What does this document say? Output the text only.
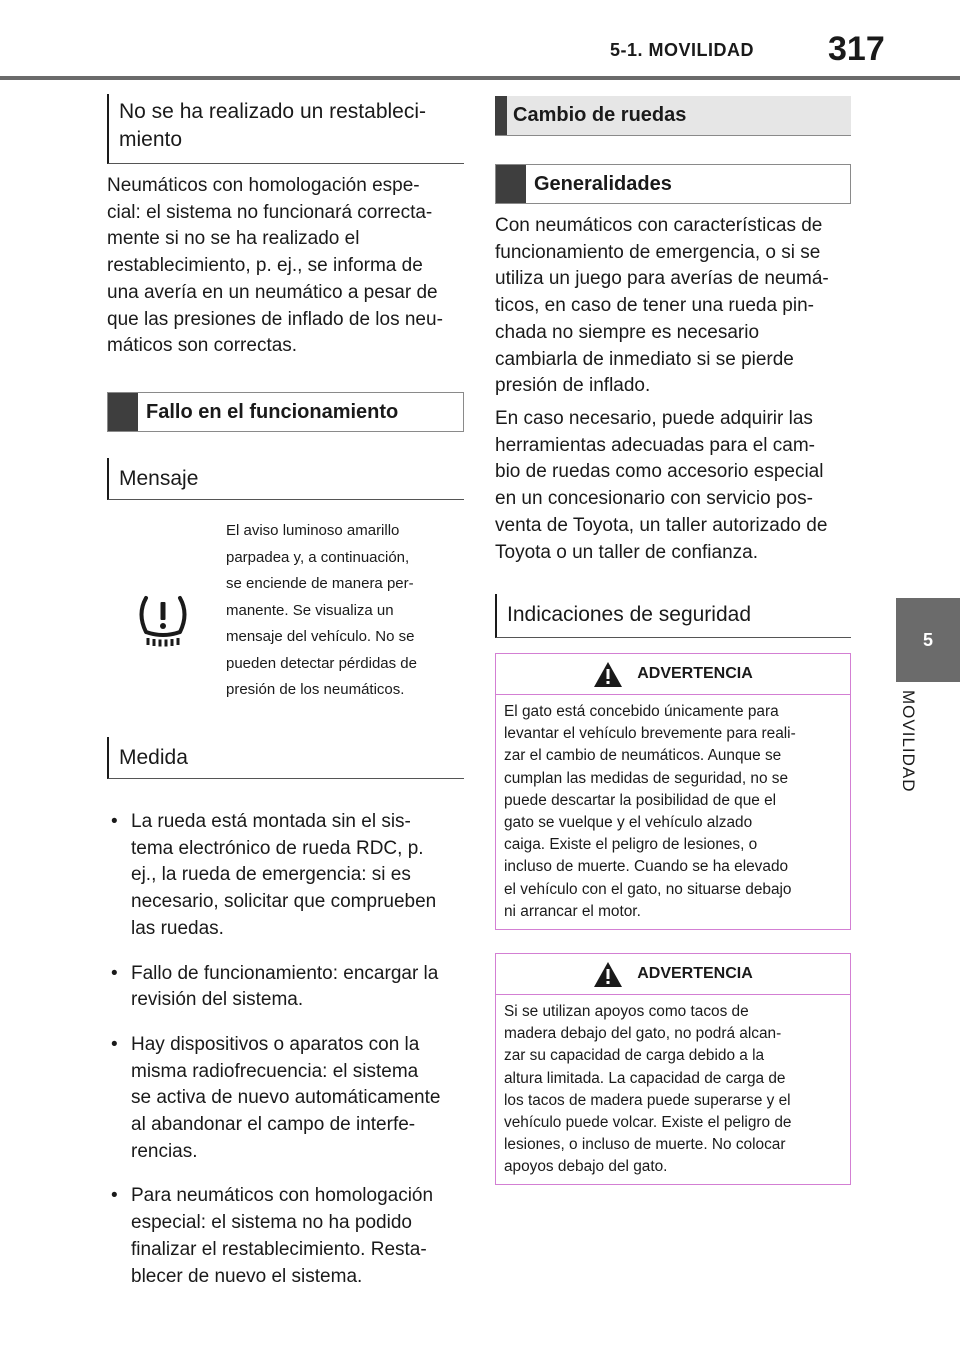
5-1. MOVILIDAD 317
5
MOVILIDAD
No se ha realizado un restableci-
miento
Neumáticos con homologación espe-
cial: el sistema no funcionará correcta-
mente si no se ha realizado el
restablecimiento, p. ej., se informa de
una avería en un neumático a pesar de
que las presiones de inflado de los neu-
máticos son correctas.
Fallo en el funcionamiento
Mensaje
El aviso luminoso amarillo
parpadea y, a continuación,
se enciende de manera per-
manente. Se visualiza un
mensaje del vehículo. No se
pueden detectar pérdidas de
presión de los neumáticos.
Medida

• La rueda está montada sin el sis-
tema electrónico de rueda RDC, p.
ej., la rueda de emergencia: si es
necesario, solicitar que comprueben
las ruedas.

• Fallo de funcionamiento: encargar la
revisión del sistema.

• Hay dispositivos o aparatos con la
misma radiofrecuencia: el sistema
se activa de nuevo automáticamente
al abandonar el campo de interfe-
rencias.

• Para neumáticos con homologación
especial: el sistema no ha podido
finalizar el restablecimiento. Resta-
blecer de nuevo el sistema.

Cambio de ruedas
Generalidades
Con neumáticos con características de
funcionamiento de emergencia, o si se
utiliza un juego para averías de neumá-
ticos, en caso de tener una rueda pin-
chada no siempre es necesario
cambiarla de inmediato si se pierde
presión de inflado.
En caso necesario, puede adquirir las
herramientas adecuadas para el cam-
bio de ruedas como accesorio especial
en un concesionario con servicio pos-
venta de Toyota, un taller autorizado de
Toyota o un taller de confianza.
Indicaciones de seguridad
ADVERTENCIA
El gato está concebido únicamente para
levantar el vehículo brevemente para reali-
zar el cambio de neumáticos. Aunque se
cumplan las medidas de seguridad, no se
puede descartar la posibilidad de que el
gato se vuelque y el vehículo alzado
caiga. Existe el peligro de lesiones, o
incluso de muerte. Cuando se ha elevado
el vehículo con el gato, no situarse debajo
ni arrancar el motor.
ADVERTENCIA
Si se utilizan apoyos como tacos de
madera debajo del gato, no podrá alcan-
zar su capacidad de carga debido a la
altura limitada. La capacidad de carga de
los tacos de madera puede superarse y el
vehículo puede volcar. Existe el peligro de
lesiones, o incluso de muerte. No colocar
apoyos debajo del gato.
